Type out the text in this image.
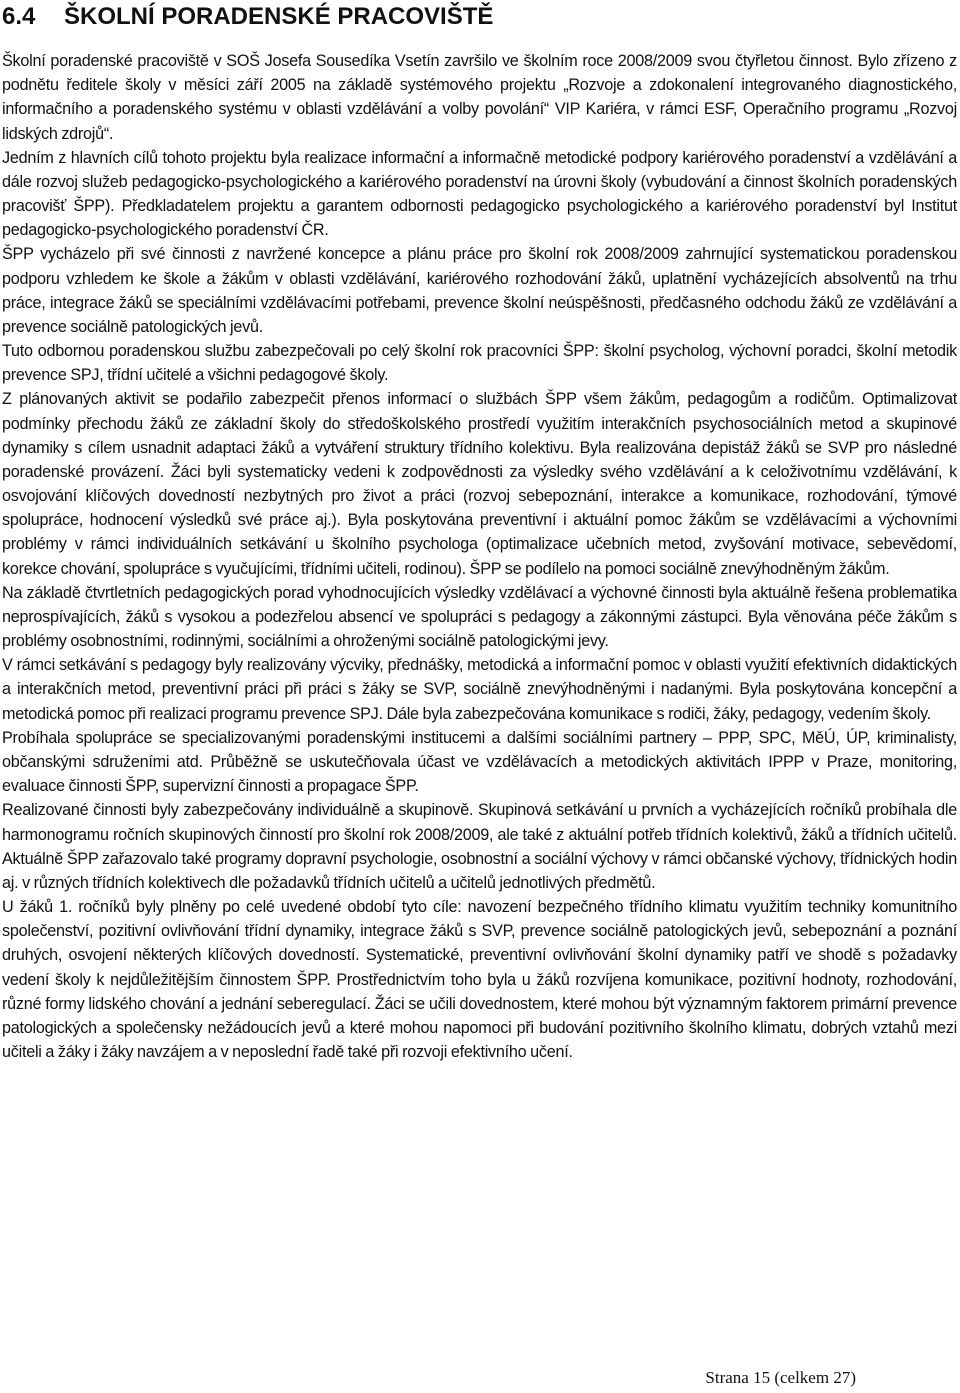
6.4 ŠKOLNÍ PORADENSKÉ PRACOVIŠTĚ

Školní poradenské pracoviště v SOŠ Josefa Sousedíka Vsetín završilo ve školním roce 2008/2009 svou čtyřletou činnost. Bylo zřízeno z podnětu ředitele školy v měsíci září 2005 na základě systémového projektu „Rozvoje a zdokonalení integrovaného diagnostického, informačního a poradenského systému v oblasti vzdělávání a volby povolání“ VIP Kariéra, v rámci ESF, Operačního programu „Rozvoj lidských zdrojů“.

Jedním z hlavních cílů tohoto projektu byla realizace informační a informačně metodické podpory kariérového poradenství a vzdělávání a dále rozvoj služeb pedagogicko-psychologického a kariérového poradenství na úrovni školy (vybudování a činnost školních poradenských pracovišť ŠPP). Předkladatelem projektu a garantem odbornosti pedagogicko psychologického a kariérového poradenství byl Institut pedagogicko-psychologického poradenství ČR.

ŠPP vycházelo při své činnosti z navržené koncepce a plánu práce pro školní rok 2008/2009 zahrnující systematickou poradenskou podporu vzhledem ke škole a žákům v oblasti vzdělávání, kariérového rozhodování žáků, uplatnění vycházejících absolventů na trhu práce, integrace žáků se speciálními vzdělávacími potřebami, prevence školní neúspěšnosti, předčasného odchodu žáků ze vzdělávání a prevence sociálně patologických jevů.

Tuto odbornou poradenskou službu zabezpečovali po celý školní rok pracovníci ŠPP: školní psycholog, výchovní poradci, školní metodik prevence SPJ, třídní učitelé a všichni pedagogové školy.

Z plánovaných aktivit se podařilo zabezpečit přenos informací o službách ŠPP všem žákům, pedagogům a rodičům. Optimalizovat podmínky přechodu žáků ze základní školy do středoškolského prostředí využitím interakčních psychosociálních metod a skupinové dynamiky s cílem usnadnit adaptaci žáků a vytváření struktury třídního kolektivu. Byla realizována depistáž žáků se SVP pro následné poradenské provázení. Žáci byli systematicky vedeni k zodpovědnosti za výsledky svého vzdělávání a k celoživotnímu vzdělávání, k osvojování klíčových dovedností nezbytných pro život a práci (rozvoj sebepoznání, interakce a komunikace, rozhodování, týmové spolupráce, hodnocení výsledků své práce aj.). Byla poskytována preventivní i aktuální pomoc žákům se vzdělávacími a výchovními problémy v rámci individuálních setkávání u školního psychologa (optimalizace učebních metod, zvyšování motivace, sebevědomí, korekce chování, spolupráce s vyučujícími, třídními učiteli, rodinou). ŠPP se podílelo na pomoci sociálně znevýhodněným žákům.

Na základě čtvrtletních pedagogických porad vyhodnocujících výsledky vzdělávací a výchovné činnosti byla aktuálně řešena problematika neprospívajících, žáků s vysokou a podezřelou absencí ve spolupráci s pedagogy a zákonnými zástupci. Byla věnována péče žákům s problémy osobnostními, rodinnými, sociálními a ohroženými sociálně patologickými jevy.

V rámci setkávání s pedagogy byly realizovány výcviky, přednášky, metodická a informační pomoc v oblasti využití efektivních didaktických a interakčních metod, preventivní práci při práci s žáky se SVP, sociálně znevýhodněnými i nadanými. Byla poskytována koncepční a metodická pomoc při realizaci programu prevence SPJ. Dále byla zabezpečována komunikace s rodiči, žáky, pedagogy, vedením školy.

Probíhala spolupráce se specializovanými poradenskými institucemi a dalšími sociálními partnery – PPP, SPC, MěÚ, ÚP, kriminalisty, občanskými sdruženími atd. Průběžně se uskutečňovala účast ve vzdělávacích a metodických aktivitách IPPP v Praze, monitoring, evaluace činnosti ŠPP, supervizní činnosti a propagace ŠPP.

Realizované činnosti byly zabezpečovány individuálně a skupinově. Skupinová setkávání u prvních a vycházejících ročníků probíhala dle harmonogramu ročních skupinových činností pro školní rok 2008/2009, ale také z aktuální potřeb třídních kolektivů, žáků a třídních učitelů. Aktuálně ŠPP zařazovalo také programy dopravní psychologie, osobnostní a sociální výchovy v rámci občanské výchovy, třídnických hodin aj. v různých třídních kolektivech dle požadavků třídních učitelů a učitelů jednotlivých předmětů.

U žáků 1. ročníků byly plněny po celé uvedené období tyto cíle: navození bezpečného třídního klimatu využitím techniky komunitního společenství, pozitivní ovlivňování třídní dynamiky, integrace žáků s SVP, prevence sociálně patologických jevů, sebepoznání a poznání druhých, osvojení některých klíčových dovedností. Systematické, preventivní ovlivňování školní dynamiky patří ve shodě s požadavky vedení školy k nejdůležitějším činnostem ŠPP. Prostřednictvím toho byla u žáků rozvíjena komunikace, pozitivní hodnoty, rozhodování, různé formy lidského chování a jednání seberegulací. Žáci se učili dovednostem, které mohou být významným faktorem primární prevence patologických a společensky nežádoucích jevů a které mohou napomoci při budování pozitivního školního klimatu, dobrých vztahů mezi učiteli a žáky i žáky navzájem a v neposlední řadě také při rozvoji efektivního učení.

Strana 15 (celkem 27)
